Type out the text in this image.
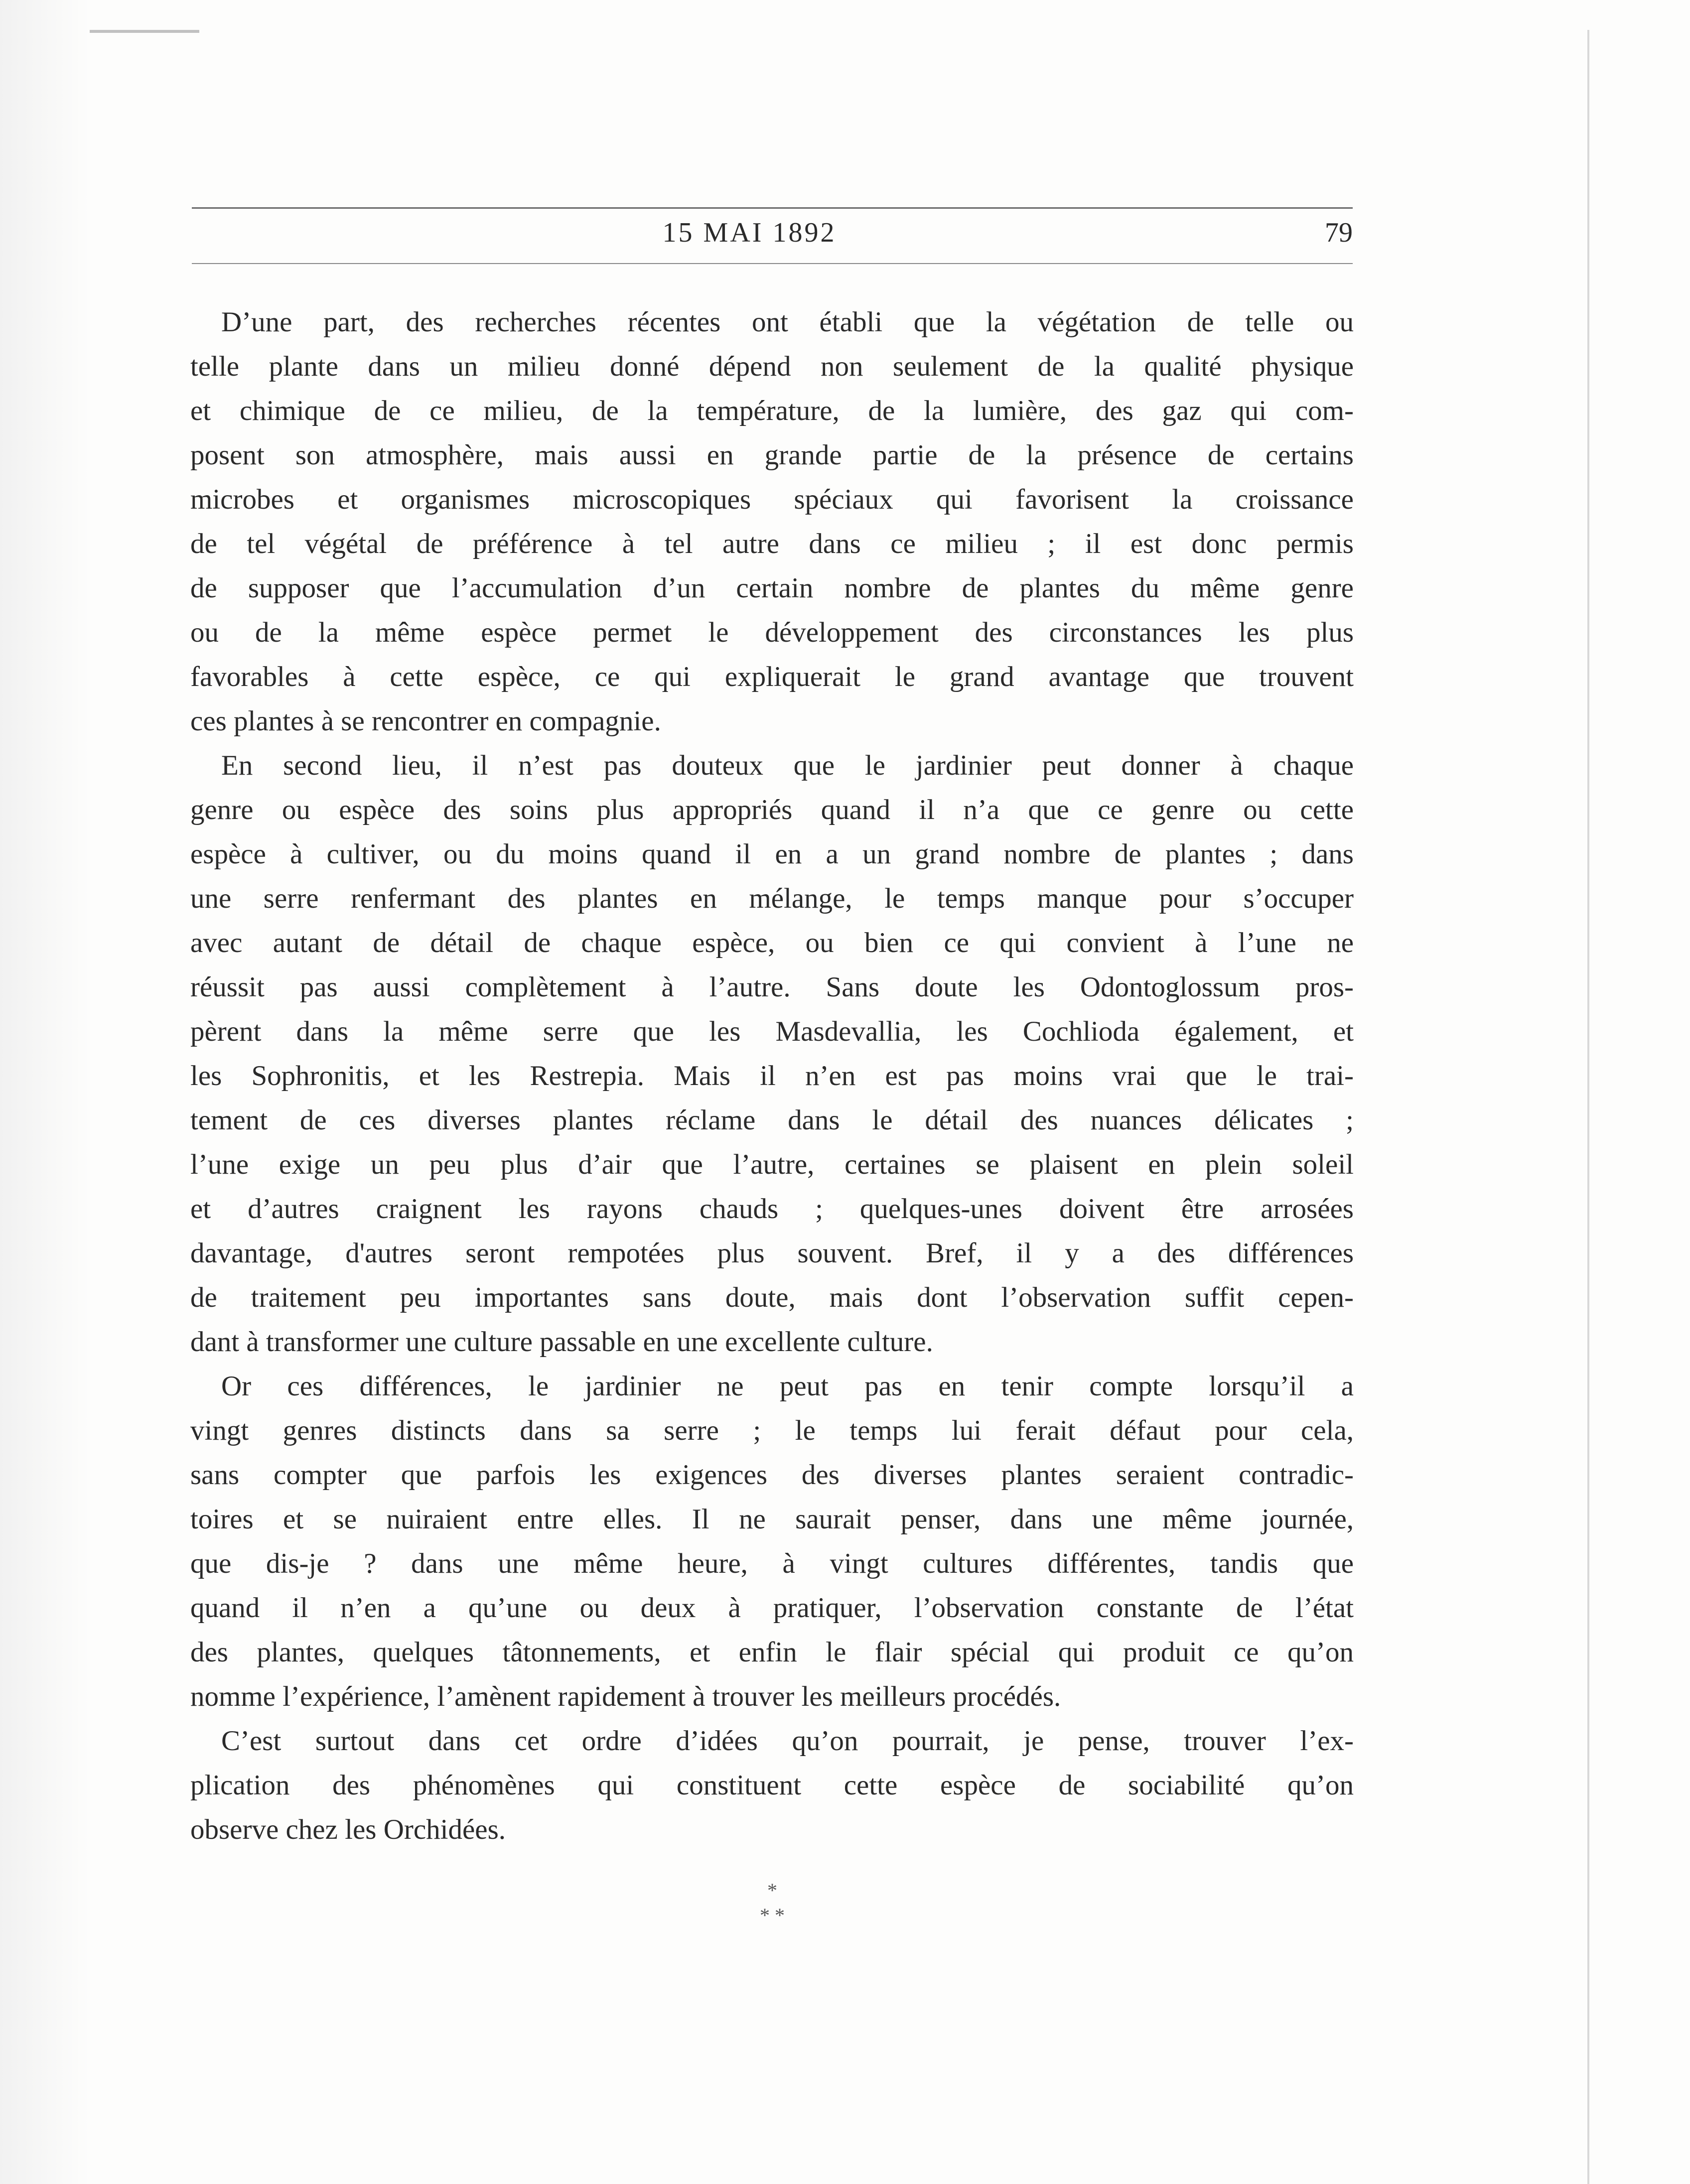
15 MAI 1892	79
D’une part, des recherches récentes ont établi que la végétation de telle ou
telle plante dans un milieu donné dépend non seulement de la qualité physique
et chimique de ce milieu, de la température, de la lumière, des gaz qui com-
posent son atmosphère, mais aussi en grande partie de la présence de certains
microbes et organismes microscopiques spéciaux qui favorisent la croissance
de tel végétal de préférence à tel autre dans ce milieu ; il est donc permis
de supposer que l’accumulation d’un certain nombre de plantes du même genre
ou de la même espèce permet le développement des circonstances les plus
favorables à cette espèce, ce qui expliquerait le grand avantage que trouvent
ces plantes à se rencontrer en compagnie.
En second lieu, il n’est pas douteux que le jardinier peut donner à chaque
genre ou espèce des soins plus appropriés quand il n’a que ce genre ou cette
espèce à cultiver, ou du moins quand il en a un grand nombre de plantes ; dans
une serre renfermant des plantes en mélange, le temps manque pour s’occuper
avec autant de détail de chaque espèce, ou bien ce qui convient à l’une ne
réussit pas aussi complètement à l’autre. Sans doute les Odontoglossum pros-
pèrent dans la même serre que les Masdevallia, les Cochlioda également, et
les Sophronitis, et les Restrepia. Mais il n’en est pas moins vrai que le trai-
tement de ces diverses plantes réclame dans le détail des nuances délicates ;
l’une exige un peu plus d’air que l’autre, certaines se plaisent en plein soleil
et d’autres craignent les rayons chauds ; quelques-unes doivent être arrosées
davantage, d'autres seront rempotées plus souvent. Bref, il y a des différences
de traitement peu importantes sans doute, mais dont l’observation suffit cepen-
dant à transformer une culture passable en une excellente culture.
Or ces différences, le jardinier ne peut pas en tenir compte lorsqu’il a
vingt genres distincts dans sa serre ; le temps lui ferait défaut pour cela,
sans compter que parfois les exigences des diverses plantes seraient contradic-
toires et se nuiraient entre elles. Il ne saurait penser, dans une même journée,
que dis-je ? dans une même heure, à vingt cultures différentes, tandis que
quand il n’en a qu’une ou deux à pratiquer, l’observation constante de l’état
des plantes, quelques tâtonnements, et enfin le flair spécial qui produit ce qu’on
nomme l’expérience, l’amènent rapidement à trouver les meilleurs procédés.
C’est surtout dans cet ordre d’idées qu’on pourrait, je pense, trouver l’ex-
plication des phénomènes qui constituent cette espèce de sociabilité qu’on
observe chez les Orchidées.
*
* *
